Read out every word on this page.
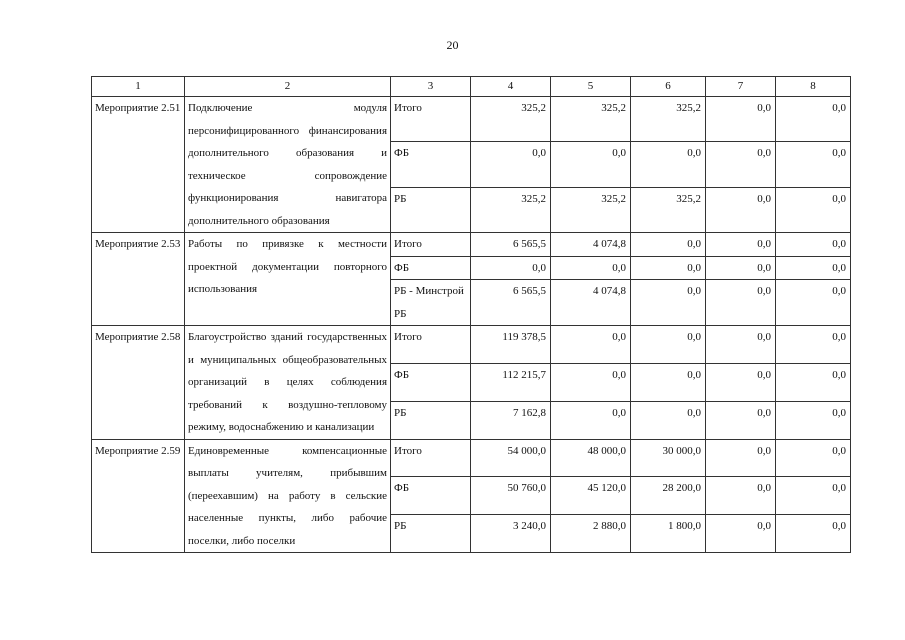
20
1	2	3	4	5	6	7	8
Мероприятие 2.51	Подключение модуля персонифицированного финансирования дополнительного образования и техническое сопровождение функционирования навигатора дополнительного образования	Итого	325,2	325,2	325,2	0,0	0,0
		ФБ	0,0	0,0	0,0	0,0	0,0
		РБ	325,2	325,2	325,2	0,0	0,0
Мероприятие 2.53	Работы по привязке к местности проектной документации повторного использования	Итого	6 565,5	4 074,8	0,0	0,0	0,0
		ФБ	0,0	0,0	0,0	0,0	0,0
		РБ - Минстрой РБ	6 565,5	4 074,8	0,0	0,0	0,0
Мероприятие 2.58	Благоустройство зданий государственных и муниципальных общеобразовательных организаций в целях соблюдения требований к воздушно-тепловому режиму, водоснабжению и канализации	Итого	119 378,5	0,0	0,0	0,0	0,0
		ФБ	112 215,7	0,0	0,0	0,0	0,0
		РБ	7 162,8	0,0	0,0	0,0	0,0
Мероприятие 2.59	Единовременные компенсационные выплаты учителям, прибывшим (переехавшим) на работу в сельские населенные пункты, либо рабочие поселки, либо поселки	Итого	54 000,0	48 000,0	30 000,0	0,0	0,0
		ФБ	50 760,0	45 120,0	28 200,0	0,0	0,0
		РБ	3 240,0	2 880,0	1 800,0	0,0	0,0
